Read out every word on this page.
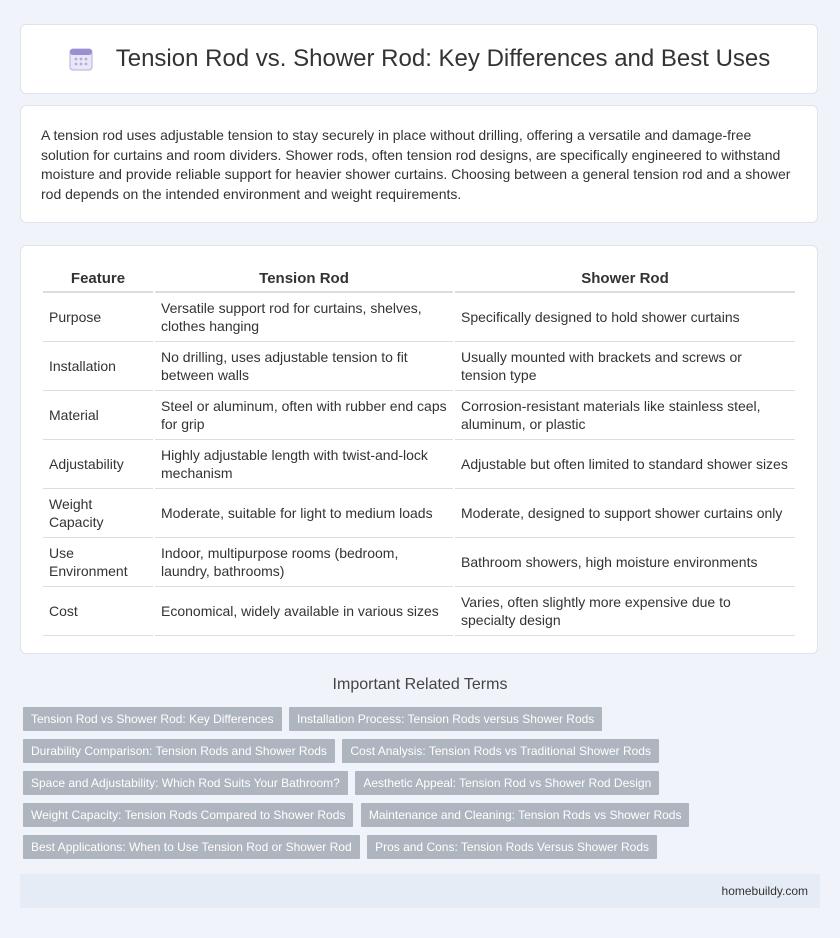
Tension Rod vs. Shower Rod: Key Differences and Best Uses

A tension rod uses adjustable tension to stay securely in place without drilling, offering a versatile and damage-free solution for curtains and room dividers. Shower rods, often tension rod designs, are specifically engineered to withstand moisture and provide reliable support for heavier shower curtains. Choosing between a general tension rod and a shower rod depends on the intended environment and weight requirements.

Feature	Tension Rod	Shower Rod
Purpose	Versatile support rod for curtains, shelves, clothes hanging	Specifically designed to hold shower curtains
Installation	No drilling, uses adjustable tension to fit between walls	Usually mounted with brackets and screws or tension type
Material	Steel or aluminum, often with rubber end caps for grip	Corrosion-resistant materials like stainless steel, aluminum, or plastic
Adjustability	Highly adjustable length with twist-and-lock mechanism	Adjustable but often limited to standard shower sizes
Weight Capacity	Moderate, suitable for light to medium loads	Moderate, designed to support shower curtains only
Use Environment	Indoor, multipurpose rooms (bedroom, laundry, bathrooms)	Bathroom showers, high moisture environments
Cost	Economical, widely available in various sizes	Varies, often slightly more expensive due to specialty design
Important Related Terms
Tension Rod vs Shower Rod: Key Differences Installation Process: Tension Rods versus Shower Rods Durability Comparison: Tension Rods and Shower Rods Cost Analysis: Tension Rods vs Traditional Shower Rods Space and Adjustability: Which Rod Suits Your Bathroom? Aesthetic Appeal: Tension Rod vs Shower Rod Design Weight Capacity: Tension Rods Compared to Shower Rods Maintenance and Cleaning: Tension Rods vs Shower Rods Best Applications: When to Use Tension Rod or Shower Rod Pros and Cons: Tension Rods Versus Shower Rods
homebuildy.com
